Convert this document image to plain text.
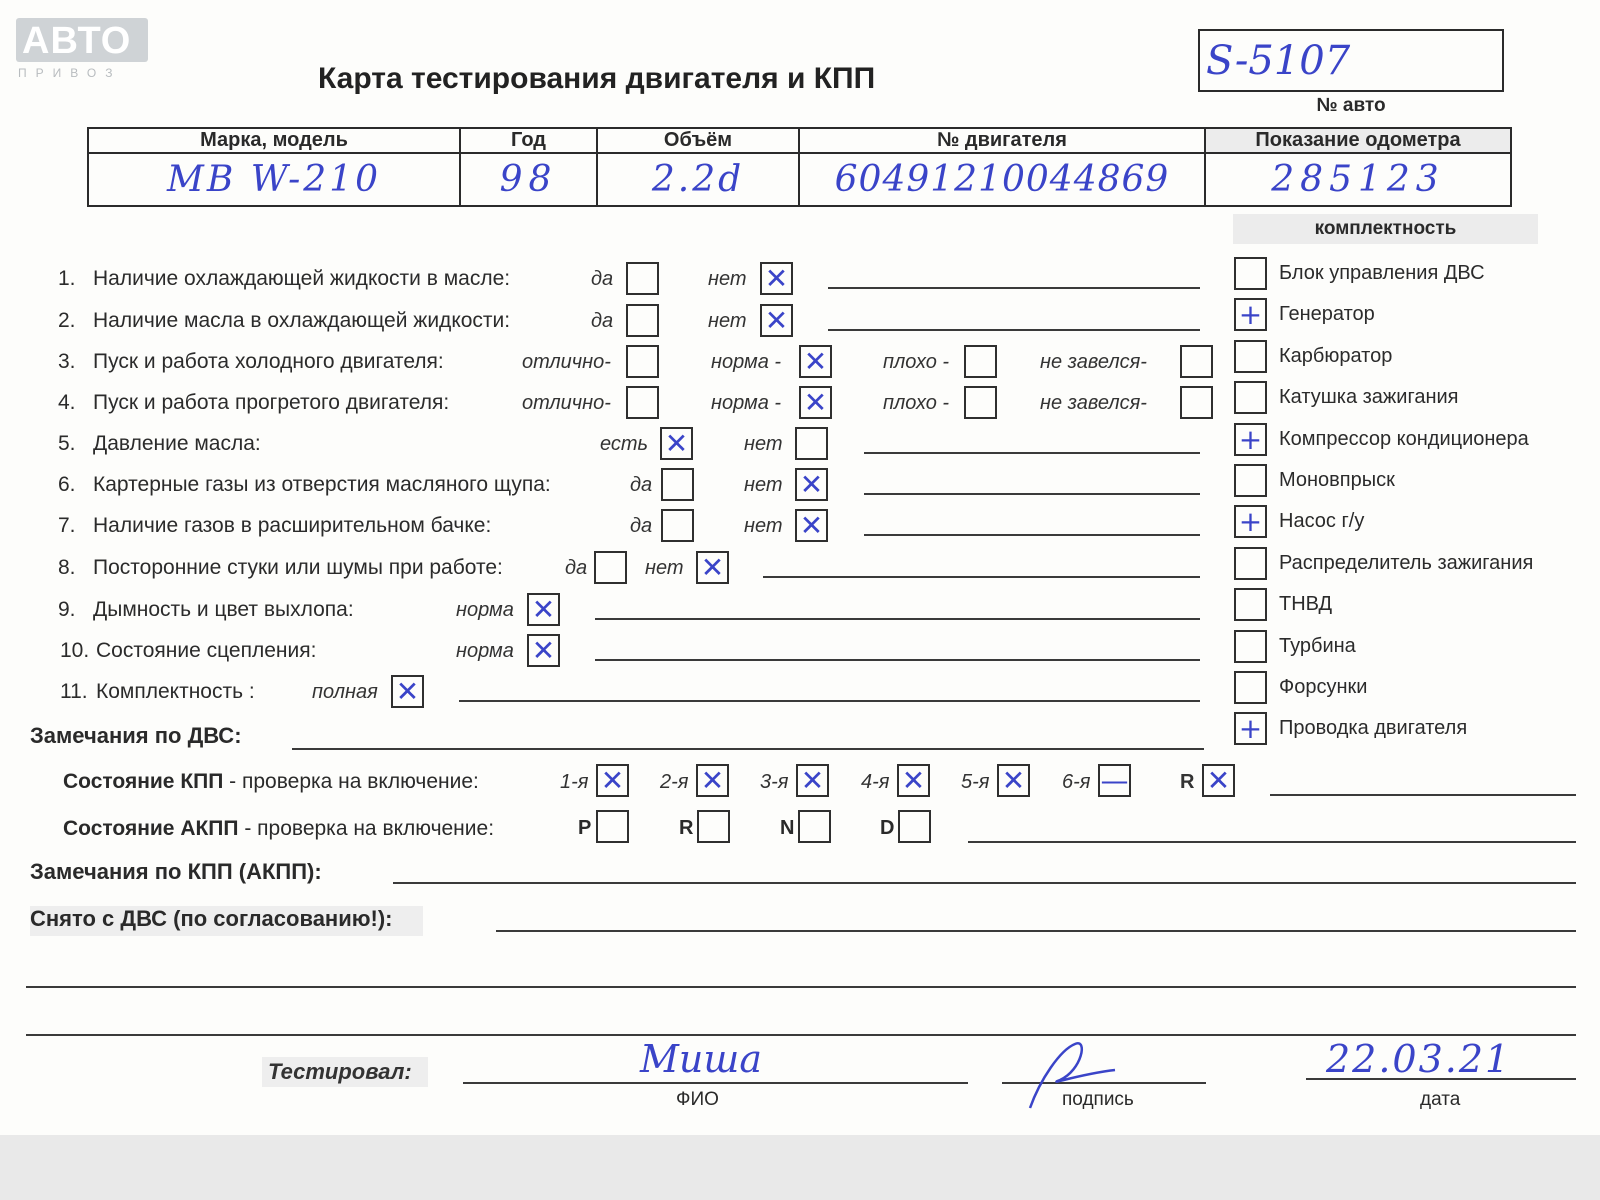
АВТО
ПРИВОЗ	Карта тестирования двигателя и КПП	S-5107
№ авто
Марка, модель	Год	Объём	№ двигателя	Показание одометра
MB W-210	98	2.2d	60491210044869	285123
комплектность
1. Наличие охлаждающей жидкости в масле:	да	нет ✕
2. Наличие масла в охлаждающей жидкости:	да	нет ✕
3. Пуск и работа холодного двигателя:	отлично-	норма - ✕	плохо -	не завелся-
4. Пуск и работа прогретого двигателя:	отлично-	норма - ✕	плохо -	не завелся-
5. Давление масла:	есть ✕	нет
6. Картерные газы из отверстия масляного щупа:	да	нет ✕
7. Наличие газов в расширительном бачке:	да	нет ✕
8. Посторонние стуки или шумы при работе:	да	нет ✕
9. Дымность и цвет выхлопа:	норма ✕
10. Состояние сцепления:	норма ✕
11. Комплектность :	полная ✕
Блок управления ДВС
+ Генератор
Карбюратор
Катушка зажигания
+ Компрессор кондиционера
Моновпрыск
+ Насос г/у
Распределитель зажигания
ТНВД
Турбина
Форсунки
+ Проводка двигателя
Замечания по ДВС:
Состояние КПП - проверка на включение:	1-я ✕ 2-я ✕ 3-я ✕ 4-я ✕ 5-я ✕ 6-я —	R ✕
Состояние АКПП - проверка на включение:	P	R	N	D
Замечания по КПП (АКПП):
Снято с ДВС (по согласованию!):
Тестировал:	Миша
ФИО	подпись
22.03.21
дата
